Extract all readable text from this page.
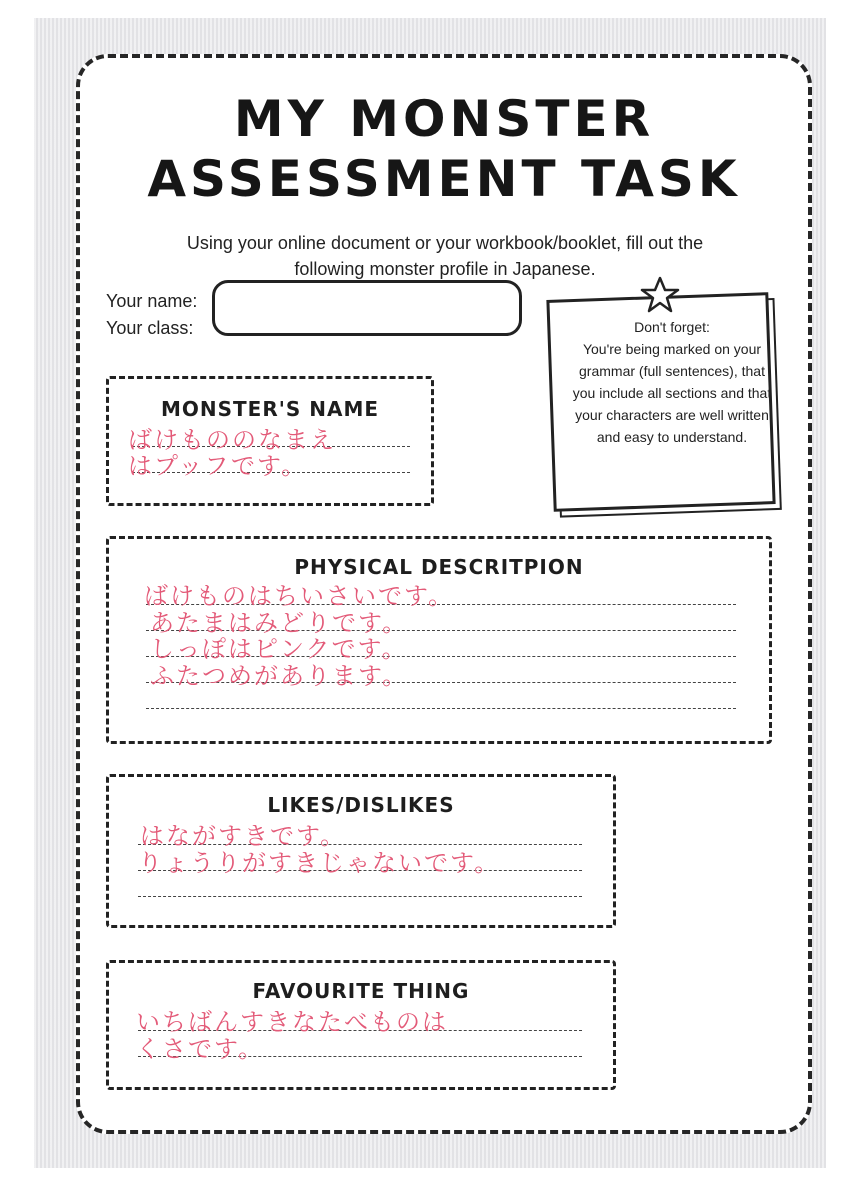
MY MONSTER
ASSESSMENT TASK
Using your online document or your workbook/booklet, fill out the following monster profile in Japanese.
Your name:
Your class:	Don't forget:
You're being marked on your grammar (full sentences), that you include all sections and that your characters are well written and easy to understand.
MONSTER'S NAME
ばけもののなまえ
はプッフです。
PHYSICAL DESCRITPION
ばけものはちいさいです。
あたまはみどりです。
しっぽはピンクです。
ふたつめがあります。
LIKES/DISLIKES
はながすきです。
りょうりがすきじゃないです。
FAVOURITE THING
いちばんすきなたべものは
くさです。
